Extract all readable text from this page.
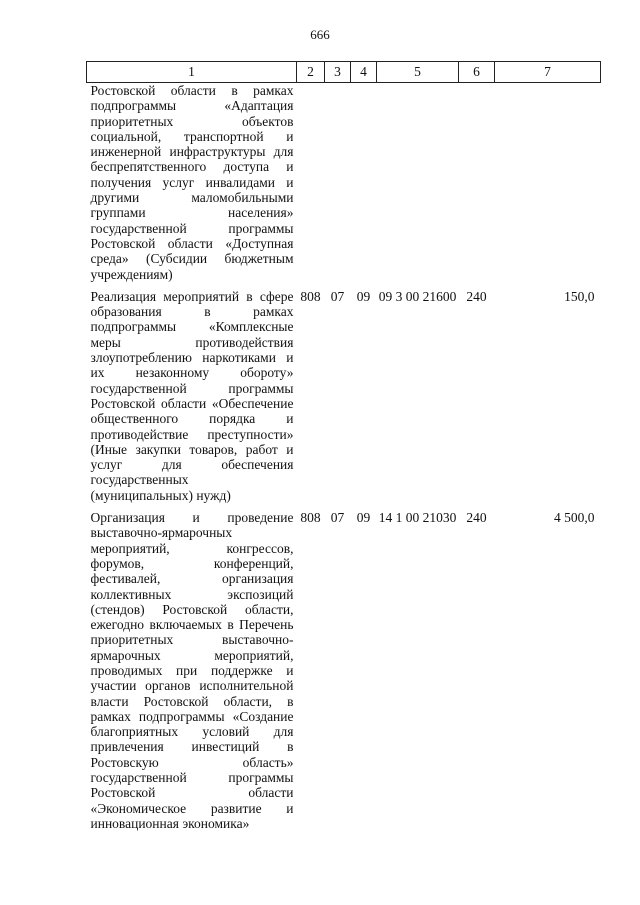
666
1	2	3	4	5	6	7
Ростовской области в рамках подпрограммы «Адаптация приоритетных объектов социальной, транспортной и инженерной инфраструктуры для беспрепятственного доступа и получения услуг инвалидами и другими маломобильными группами населения» государственной программы Ростовской области «Доступная среда» (Субсидии бюджетным учреждениям)						
Реализация мероприятий в сфере образования в рамках подпрограммы «Комплексные меры противодействия злоупотреблению наркотиками и их незаконному обороту» государственной программы Ростовской области «Обеспечение общественного порядка и противодействие преступности» (Иные закупки товаров, работ и услуг для обеспечения государственных (муниципальных) нужд)	808	07	09	09 3 00 21600	240	150,0
Организация и проведение выставочно-ярмарочных мероприятий, конгрессов, форумов, конференций, фестивалей, организация коллективных экспозиций (стендов) Ростовской области, ежегодно включаемых в Перечень приоритетных выставочно-ярмарочных мероприятий, проводимых при поддержке и участии органов исполнительной власти Ростовской области, в рамках подпрограммы «Создание благоприятных условий для привлечения инвестиций в Ростовскую область» государственной программы Ростовской области «Экономическое развитие и инновационная экономика»	808	07	09	14 1 00 21030	240	4 500,0
